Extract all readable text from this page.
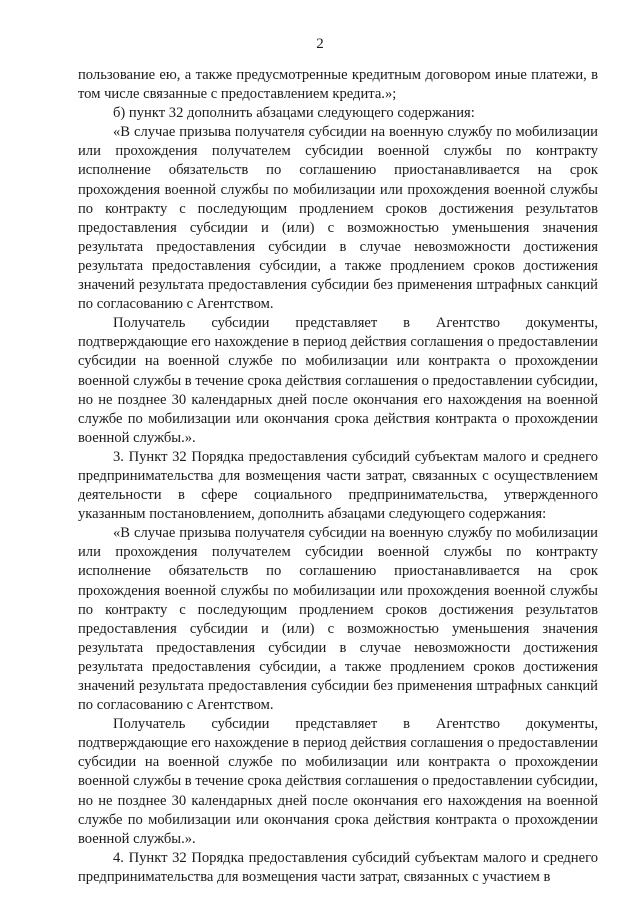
2

пользование ею, а также предусмотренные кредитным договором иные платежи, в том числе связанные с предоставлением кредита.»;

б) пункт 32 дополнить абзацами следующего содержания:

«В случае призыва получателя субсидии на военную службу по мобилизации или прохождения получателем субсидии военной службы по контракту исполнение обязательств по соглашению приостанавливается на срок прохождения военной службы по мобилизации или прохождения военной службы по контракту с последующим продлением сроков достижения результатов предоставления субсидии и (или) с возможностью уменьшения значения результата предоставления субсидии в случае невозможности достижения результата предоставления субсидии, а также продлением сроков достижения значений результата предоставления субсидии без применения штрафных санкций по согласованию с Агентством.

Получатель субсидии представляет в Агентство документы, подтверждающие его нахождение в период действия соглашения о предоставлении субсидии на военной службе по мобилизации или контракта о прохождении военной службы в течение срока действия соглашения о предоставлении субсидии, но не позднее 30 календарных дней после окончания его нахождения на военной службе по мобилизации или окончания срока действия контракта о прохождении военной службы.».

3. Пункт 32 Порядка предоставления субсидий субъектам малого и среднего предпринимательства для возмещения части затрат, связанных с осуществлением деятельности в сфере социального предпринимательства, утвержденного указанным постановлением, дополнить абзацами следующего содержания:

«В случае призыва получателя субсидии на военную службу по мобилизации или прохождения получателем субсидии военной службы по контракту исполнение обязательств по соглашению приостанавливается на срок прохождения военной службы по мобилизации или прохождения военной службы по контракту с последующим продлением сроков достижения результатов предоставления субсидии и (или) с возможностью уменьшения значения результата предоставления субсидии в случае невозможности достижения результата предоставления субсидии, а также продлением сроков достижения значений результата предоставления субсидии без применения штрафных санкций по согласованию с Агентством.

Получатель субсидии представляет в Агентство документы, подтверждающие его нахождение в период действия соглашения о предоставлении субсидии на военной службе по мобилизации или контракта о прохождении военной службы в течение срока действия соглашения о предоставлении субсидии, но не позднее 30 календарных дней после окончания его нахождения на военной службе по мобилизации или окончания срока действия контракта о прохождении военной службы.».

4. Пункт 32 Порядка предоставления субсидий субъектам малого и среднего предпринимательства для возмещения части затрат, связанных с участием в
